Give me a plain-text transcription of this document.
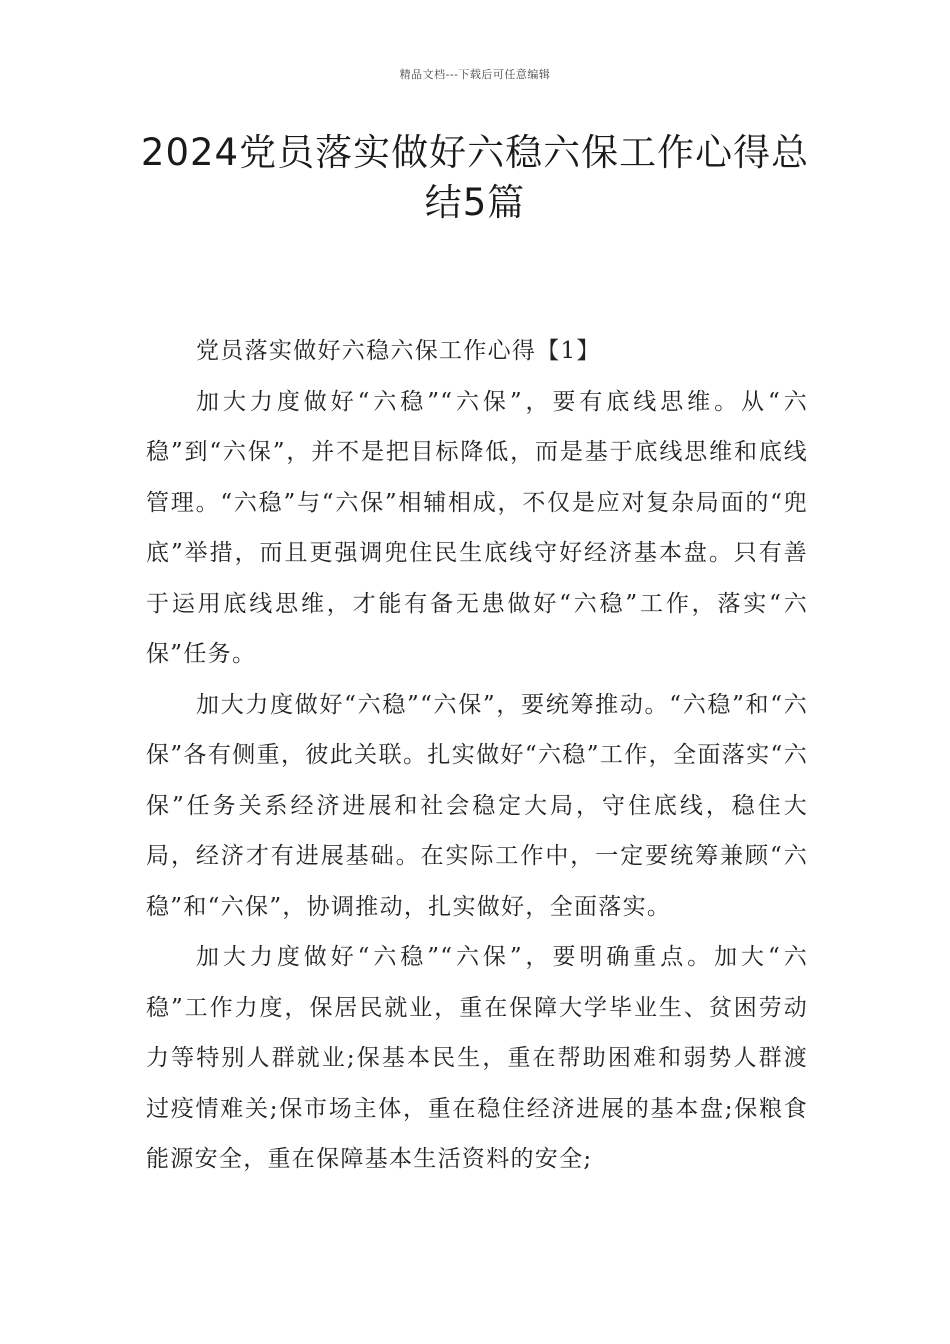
精品文档---下载后可任意编辑
2024党员落实做好六稳六保工作心得总结5篇

党员落实做好六稳六保工作心得【1】

加大力度做好“六稳”“六保”，要有底线思维。从“六稳”到“六保”，并不是把目标降低，而是基于底线思维和底线管理。“六稳”与“六保”相辅相成，不仅是应对复杂局面的“兜底”举措，而且更强调兜住民生底线守好经济基本盘。只有善于运用底线思维，才能有备无患做好“六稳”工作，落实“六保”任务。

加大力度做好“六稳”“六保”，要统筹推动。“六稳”和“六保”各有侧重，彼此关联。扎实做好“六稳”工作，全面落实“六保”任务关系经济进展和社会稳定大局，守住底线，稳住大局，经济才有进展基础。在实际工作中，一定要统筹兼顾“六稳”和“六保”，协调推动，扎实做好，全面落实。

加大力度做好“六稳”“六保”，要明确重点。加大“六稳”工作力度，保居民就业，重在保障大学毕业生、贫困劳动力等特别人群就业;保基本民生，重在帮助困难和弱势人群渡过疫情难关;保市场主体，重在稳住经济进展的基本盘;保粮食能源安全，重在保障基本生活资料的安全;
